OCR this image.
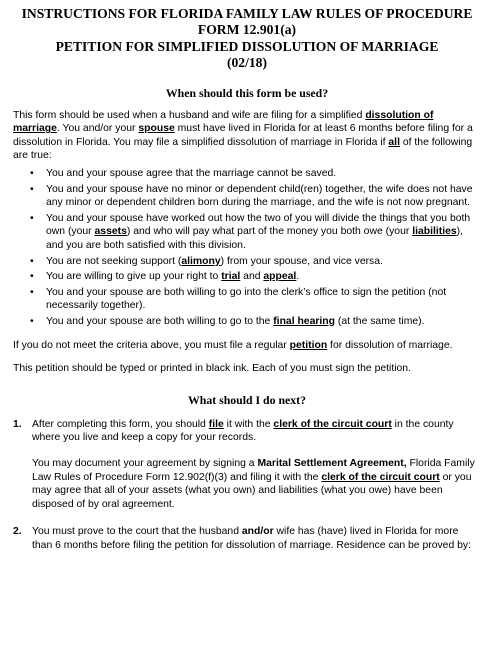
INSTRUCTIONS FOR FLORIDA FAMILY LAW RULES OF PROCEDURE

FORM 12.901(a)

PETITION FOR SIMPLIFIED DISSOLUTION OF MARRIAGE

(02/18)

When should this form be used?

This form should be used when a husband and wife are filing for a simplified dissolution of marriage. You and/or your spouse must have lived in Florida for at least 6 months before filing for a dissolution in Florida. You may file a simplified dissolution of marriage in Florida if all of the following are true:

• You and your spouse agree that the marriage cannot be saved.
• You and your spouse have no minor or dependent child(ren) together, the wife does not have any minor or dependent children born during the marriage, and the wife is not now pregnant.
• You and your spouse have worked out how the two of you will divide the things that you both own (your assets) and who will pay what part of the money you both owe (your liabilities), and you are both satisfied with this division.
• You are not seeking support (alimony) from your spouse, and vice versa.
• You are willing to give up your right to trial and appeal.
• You and your spouse are both willing to go into the clerk’s office to sign the petition (not necessarily together).
• You and your spouse are both willing to go to the final hearing (at the same time).

If you do not meet the criteria above, you must file a regular petition for dissolution of marriage.

This petition should be typed or printed in black ink. Each of you must sign the petition.

What should I do next?
1. After completing this form, you should file it with the clerk of the circuit court in the county where you live and keep a copy for your records.

You may document your agreement by signing a Marital Settlement Agreement, Florida Family Law Rules of Procedure Form 12.902(f)(3) and filing it with the clerk of the circuit court or you may agree that all of your assets (what you own) and liabilities (what you owe) have been disposed of by oral agreement.

2. You must prove to the court that the husband and/or wife has (have) lived in Florida for more than 6 months before filing the petition for dissolution of marriage. Residence can be proved by:
